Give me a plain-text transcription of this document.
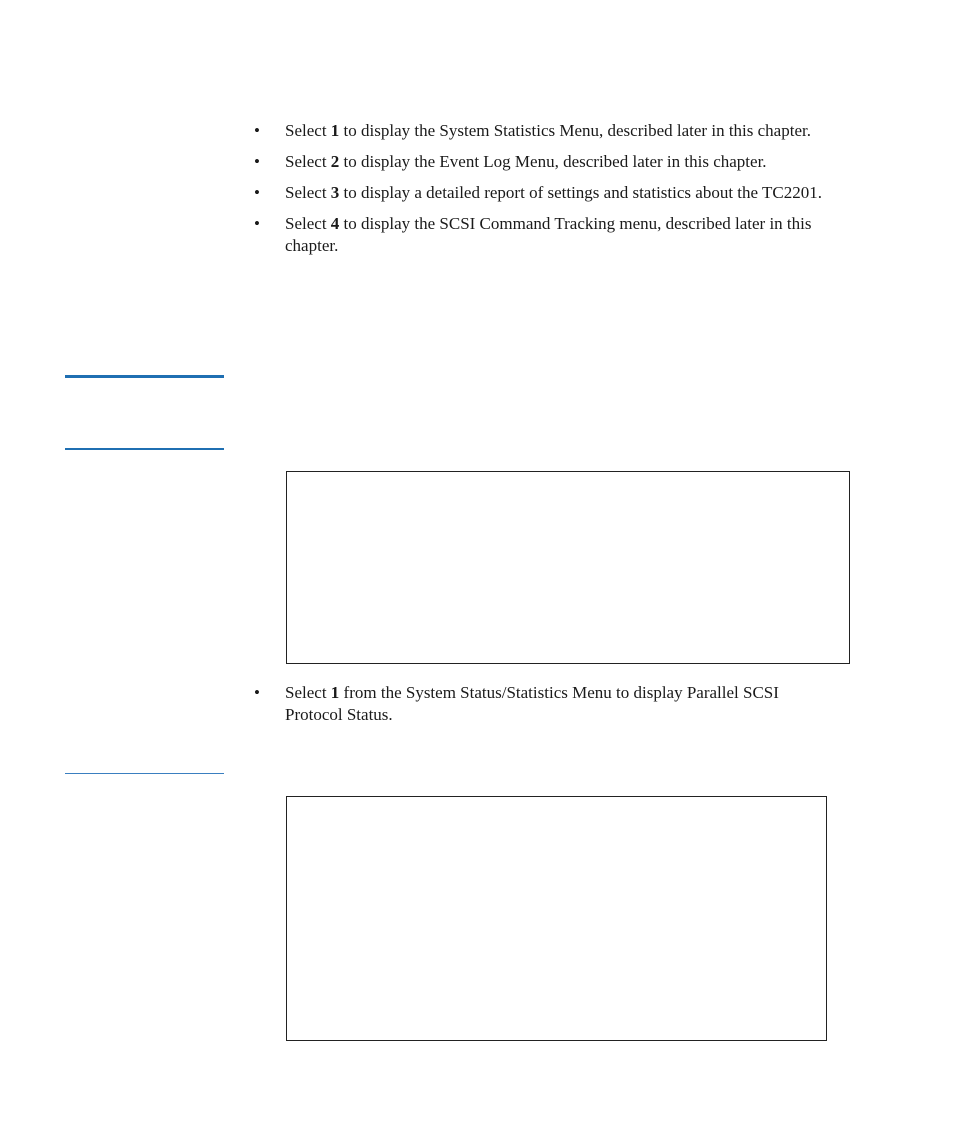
•	Select 1 to display the System Statistics Menu, described later in this chapter.
•	Select 2 to display the Event Log Menu, described later in this chapter.
•	Select 3 to display a detailed report of settings and statistics about the TC2201.
•	Select 4 to display the SCSI Command Tracking menu, described later in this chapter.
•	Select 1 from the System Status/Statistics Menu to display Parallel SCSI Protocol Status.
